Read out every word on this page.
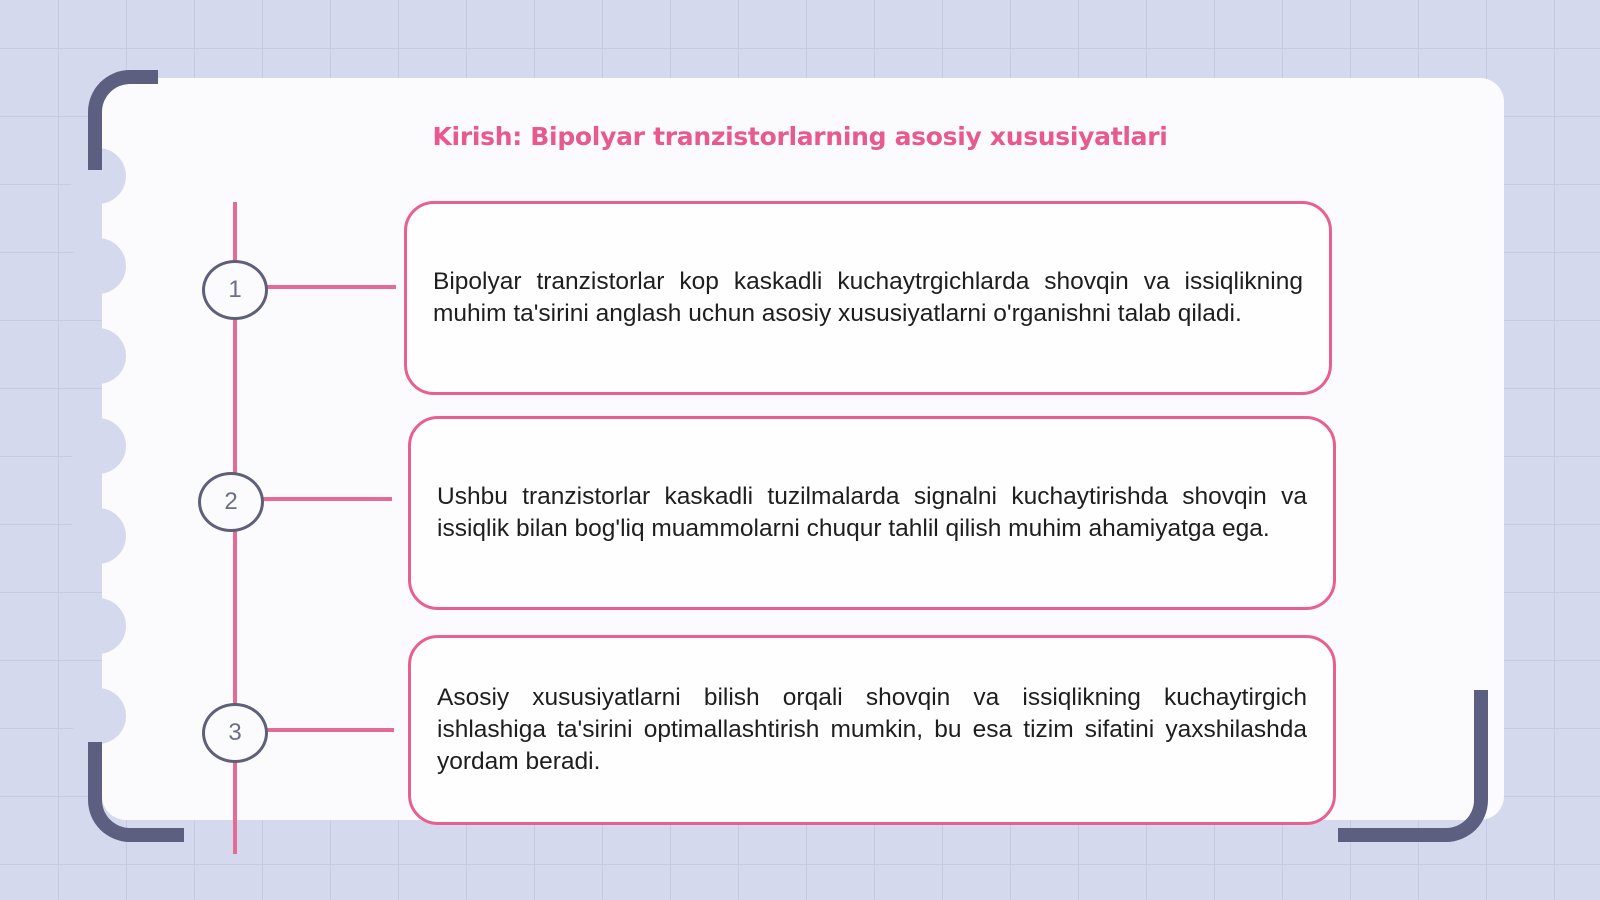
Kirish: Bipolyar tranzistorlarning asosiy xususiyatlari
1
2
3

Bipolyar tranzistorlar kop kaskadli kuchaytrgichlarda shovqin va issiqlikning muhim ta'sirini anglash uchun asosiy xususiyatlarni o'rganishni talab qiladi.

Ushbu tranzistorlar kaskadli tuzilmalarda signalni kuchaytirishda shovqin va issiqlik bilan bog'liq muammolarni chuqur tahlil qilish muhim ahamiyatga ega.

Asosiy xususiyatlarni bilish orqali shovqin va issiqlikning kuchaytirgich ishlashiga ta'sirini optimallashtirish mumkin, bu esa tizim sifatini yaxshilashda yordam beradi.
